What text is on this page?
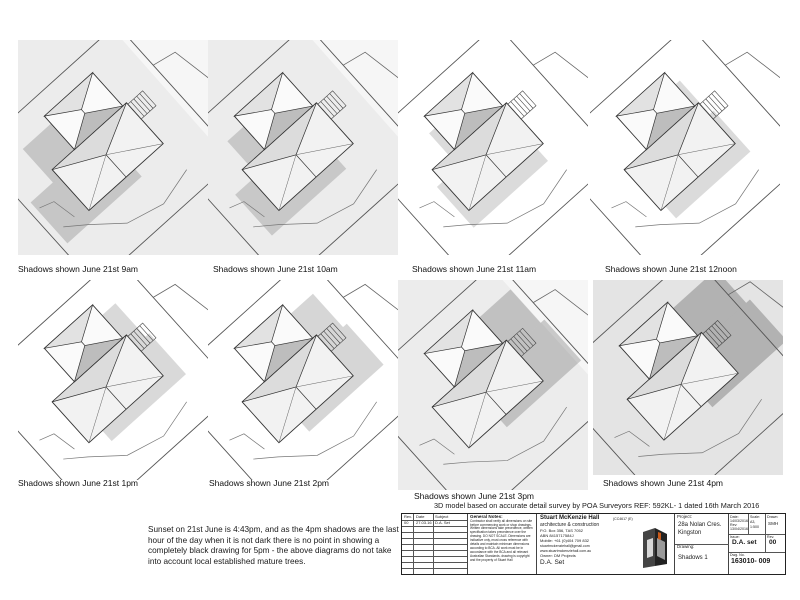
Shadows shown June 21st 9am	Shadows shown June 21st 10am	Shadows shown June 21st 11am	Shadows shown June 21st 12noon
Shadows shown June 21st 1pm	Shadows shown June 21st 2pm
Shadows shown June 21st 3pm
Shadows shown June 21st 4pm
3D model based on accurate detail survey by POA Surveyors REF: 592KL- 1 dated 16th March 2016
Sunset on 21st June is 4:43pm, and as the 4pm shadows are the last hour of the day when it is not dark there is no point in showing a completely black drawing for 5pm - the above diagrams do not take into account local established mature trees.
Rev. Date	Subject
00 27.03.16 D.A. Set
General Notes:
Contractor shall verify all dimensions on site before commencing work or shop drawings. Written dimensions take precedence, written specification takes precedence over the drawing. DO NOT SCALE. Dimensions are indicative only, must cross reference with details and maintain minimum dimensions according to BCA. All work must be in accordance with the BCA and all relevant Australian Standards. drawing is copyright and the property of Stuart Hall
Stuart McKenzie Hall	(CC4617 (E)
architecture & construction
P.O. Box 356, TAS 7052
ABN 8415717584J
Mobile: +61 (0)404 709 832
stuartmckenziehall@gmail.com
www.stuartmckenziehall.com.au
Owner: DM Projects
D.A. Set
Project:
28a Nolan Cres.
Kingston
Drawing:
Shadows 1
Date:
14/03/2016
Rev:
13/04/2016
Scale:
A3, 1:500
Drawn:
SMH
Issue:
D.A. set
Rev.
00
Dwg. No.
163010- 009
